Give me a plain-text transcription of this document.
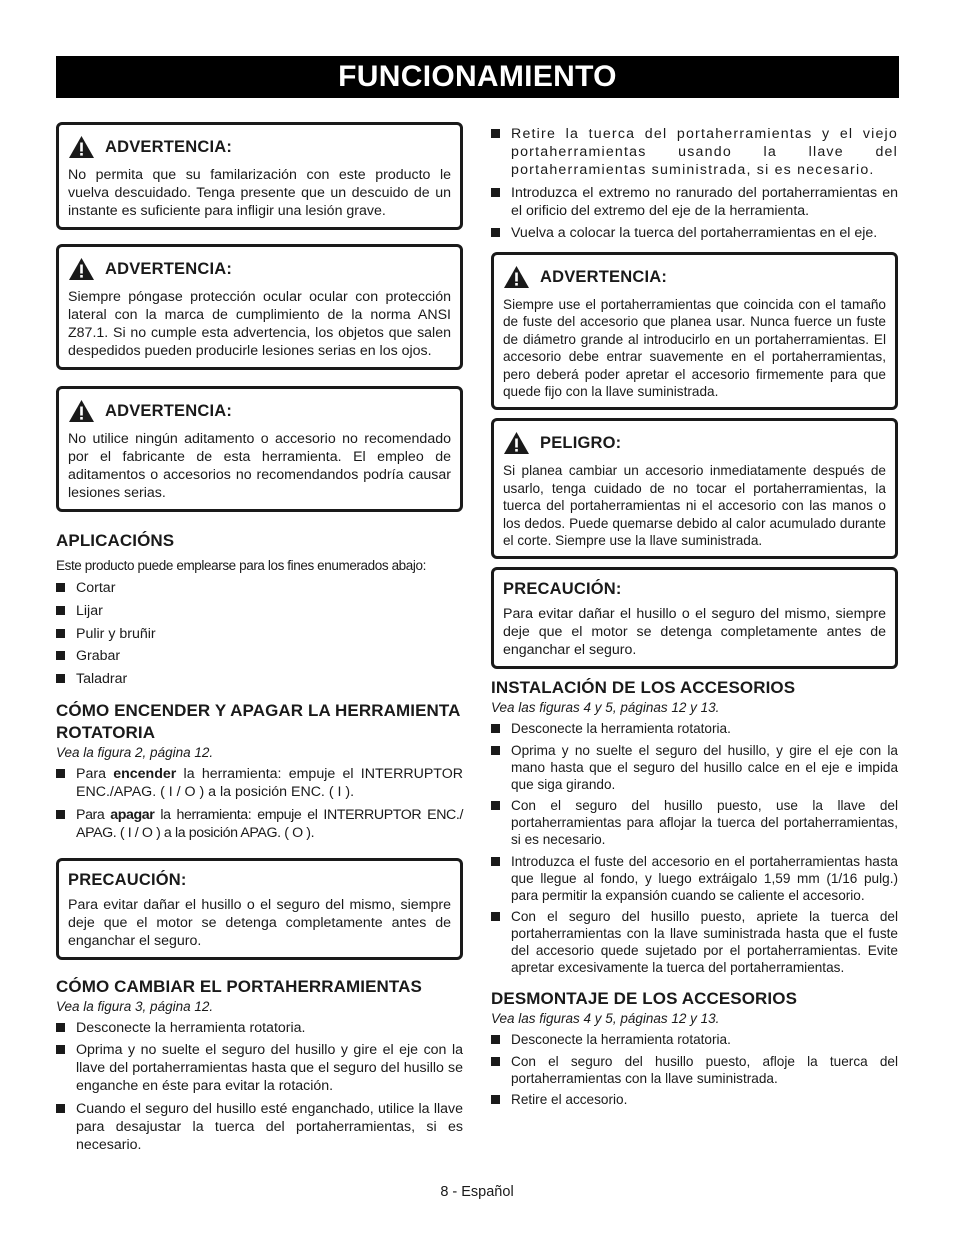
FUNCIONAMIENTO
ADVERTENCIA:
No permita que su familarización con este producto le vuelva descuidado. Tenga presente que un descuido de un instante es suficiente para infligir una lesión grave.
ADVERTENCIA:
Siempre póngase protección ocular ocular con protección lateral con la marca de cumplimiento de la norma ANSI Z87.1. Si no cumple esta advertencia, los objetos que salen despedidos pueden producirle lesiones serias en los ojos.
ADVERTENCIA:
No utilice ningún aditamento o accesorio no recomendado por el fabricante de esta herramienta. El empleo de aditamentos o accesorios no recomendandos podría causar lesiones serias.
APLICACIÓNS
Este producto puede emplearse para los fines enumerados abajo:
Cortar
Lijar
Pulir y bruñir
Grabar
Taladrar
CÓMO ENCENDER Y APAGAR LA HERRAMIENTA ROTATORIA
Vea la figura 2, página 12.
Para encender la herramienta: empuje el INTERRUPTOR ENC./APAG. ( I / O ) a la posición ENC. ( I ).
Para apagar la herramienta: empuje el INTERRUPTOR ENC./ APAG. ( I / O ) a la posición APAG. ( O ).
PRECAUCIÓN:
Para evitar dañar el husillo o el seguro del mismo, siempre deje que el motor se detenga completamente antes de enganchar el seguro.
CÓMO CAMBIAR EL PORTAHERRAMIENTAS
Vea la figura 3, página 12.
Desconecte la herramienta rotatoria.
Oprima y no suelte el seguro del husillo y gire el eje con la llave del portaherramientas hasta que el seguro del husillo se enganche en éste para evitar la rotación.
Cuando el seguro del husillo esté enganchado, utilice la llave para desajustar la tuerca del portaherramientas, si es necesario.
Retire la tuerca del portaherramientas y el viejo portaherramientas usando la llave del portaherramientas suministrada, si es necesario.
Introduzca el extremo no ranurado del portaherramientas en el orificio del extremo del eje de la herramienta.
Vuelva a colocar la tuerca del portaherramientas en el eje.
ADVERTENCIA:
Siempre use el portaherramientas que coincida con el tamaño de fuste del accesorio que planea usar. Nunca fuerce un fuste de diámetro grande al introducirlo en un portaherramientas. El accesorio debe entrar suavemente en el portaherramientas, pero deberá poder apretar el accesorio firmemente para que quede fijo con la llave suministrada.
PELIGRO:
Si planea cambiar un accesorio inmediatamente después de usarlo, tenga cuidado de no tocar el portaherramientas, la tuerca del portaherramientas ni el accesorio con las manos o los dedos. Puede quemarse debido al calor acumulado durante el corte. Siempre use la llave suministrada.
PRECAUCIÓN:
Para evitar dañar el husillo o el seguro del mismo, siempre deje que el motor se detenga completamente antes de enganchar el seguro.
INSTALACIÓN DE LOS ACCESORIOS
Vea las figuras 4 y 5, páginas 12 y 13.
Desconecte la herramienta rotatoria.
Oprima y no suelte el seguro del husillo, y gire el eje con la mano hasta que el seguro del husillo calce en el eje e impida que siga girando.
Con el seguro del husillo puesto, use la llave del portaherramientas para aflojar la tuerca del portaherramientas, si es necesario.
Introduzca el fuste del accesorio en el portaherramientas hasta que llegue al fondo, y luego extráigalo 1,59 mm (1/16 pulg.) para permitir la expansión cuando se caliente el accesorio.
Con el seguro del husillo puesto, apriete la tuerca del portaherramientas con la llave suministrada hasta que el fuste del accesorio quede sujetado por el portaherramientas. Evite apretar excesivamente la tuerca del portaherramientas.
DESMONTAJE DE LOS ACCESORIOS
Vea las figuras 4 y 5, páginas 12 y 13.
Desconecte la herramienta rotatoria.
Con el seguro del husillo puesto, afloje la tuerca del portaherramientas con la llave suministrada.
Retire el accesorio.
8 - Español
